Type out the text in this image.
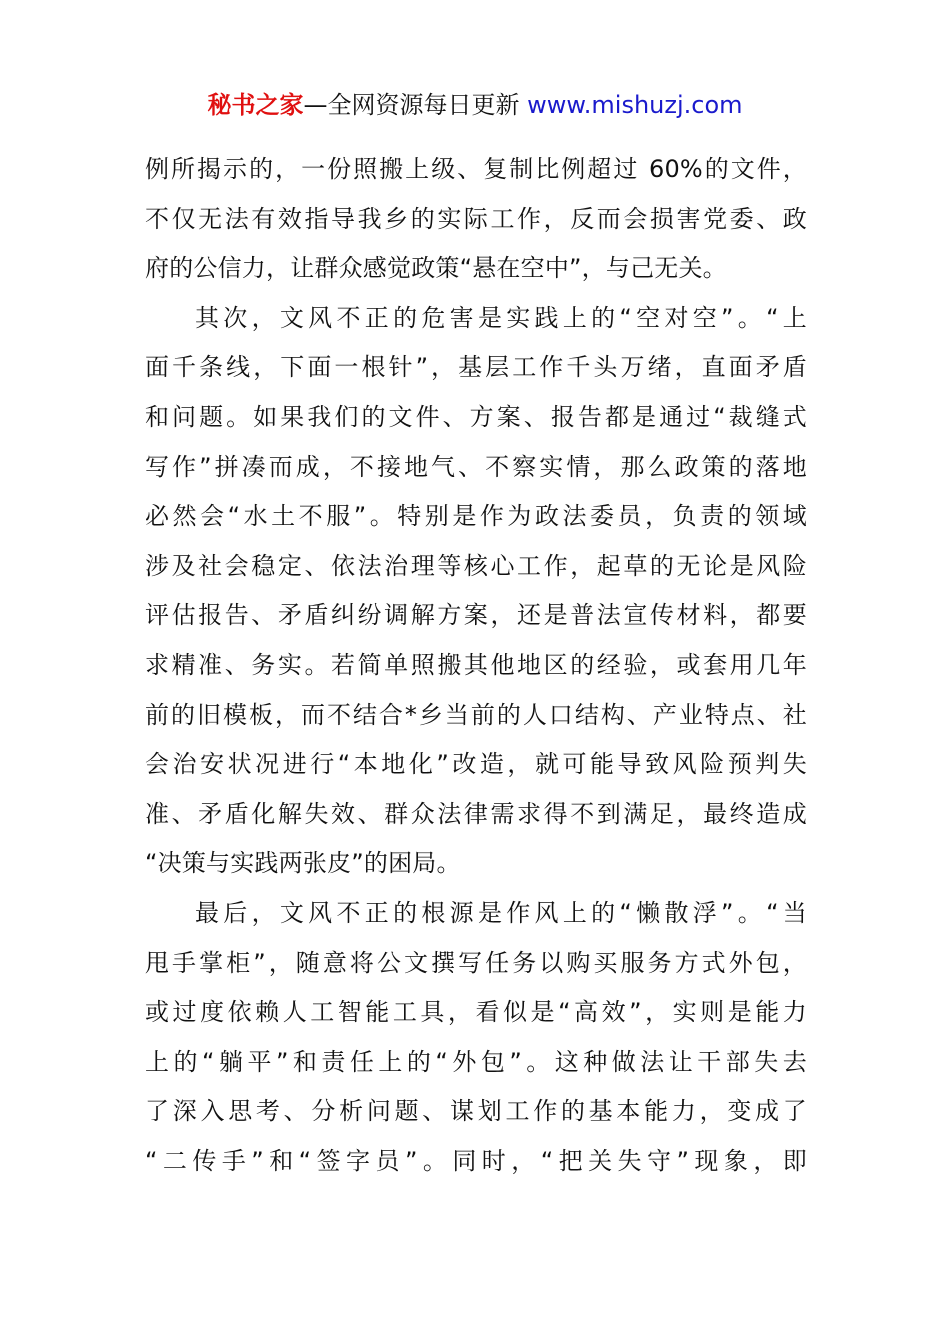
秘书之家—全网资源每日更新 www.mishuzj.com
例所揭示的，一份照搬上级、复制比例超过 60%的文件，
不仅无法有效指导我乡的实际工作，反而会损害党委、政
府的公信力，让群众感觉政策“悬在空中”，与己无关。
其次，文风不正的危害是实践上的“空对空”。“上
面千条线，下面一根针”，基层工作千头万绪，直面矛盾
和问题。如果我们的文件、方案、报告都是通过“裁缝式
写作”拼凑而成，不接地气、不察实情，那么政策的落地
必然会“水土不服”。特别是作为政法委员，负责的领域
涉及社会稳定、依法治理等核心工作，起草的无论是风险
评估报告、矛盾纠纷调解方案，还是普法宣传材料，都要
求精准、务实。若简单照搬其他地区的经验，或套用几年
前的旧模板，而不结合*乡当前的人口结构、产业特点、社
会治安状况进行“本地化”改造，就可能导致风险预判失
准、矛盾化解失效、群众法律需求得不到满足，最终造成
“决策与实践两张皮”的困局。
最后，文风不正的根源是作风上的“懒散浮”。“当
甩手掌柜”，随意将公文撰写任务以购买服务方式外包，
或过度依赖人工智能工具，看似是“高效”，实则是能力
上的“躺平”和责任上的“外包”。这种做法让干部失去
了深入思考、分析问题、谋划工作的基本能力，变成了
“二传手”和“签字员”。同时，“把关失守”现象，即
